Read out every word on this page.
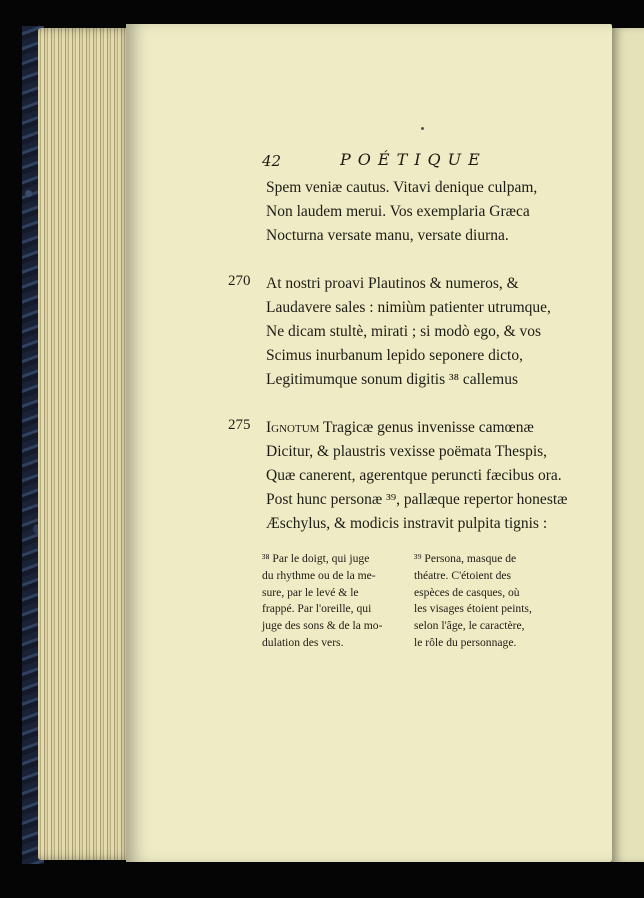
42	POÉTIQUE
Spem veniæ cautus. Vitavi denique culpam,
Non laudem merui. Vos exemplaria Græca
Nocturna versate manu, versate diurna.
270 At nostri proavi Plautinos & numeros, &
Laudavere sales : nimiùm patienter utrumque,
Ne dicam stultè, mirati ; si modò ego, & vos
Scimus inurbanum lepido seponere dicto,
Legitimumque sonum digitis ³⁸ callemus
275 Ignotum Tragicæ genus invenisse camœnæ
Dicitur, & plaustris vexisse poëmata Thespis,
Quæ canerent, agerentque peruncti fæcibus ora.
Post hunc personæ ³⁹, pallæque repertor honestæ
Æschylus, & modicis instravit pulpita tignis :
³⁸ Par le doigt, qui juge
du rhythme ou de la me-
sure, par le levé & le
frappé. Par l'oreille, qui
juge des sons & de la mo-
dulation des vers.
³⁹ Persona, masque de
théatre. C'étoient des
espèces de casques, où
les visages étoient peints,
selon l'âge, le caractère,
le rôle du personnage.
